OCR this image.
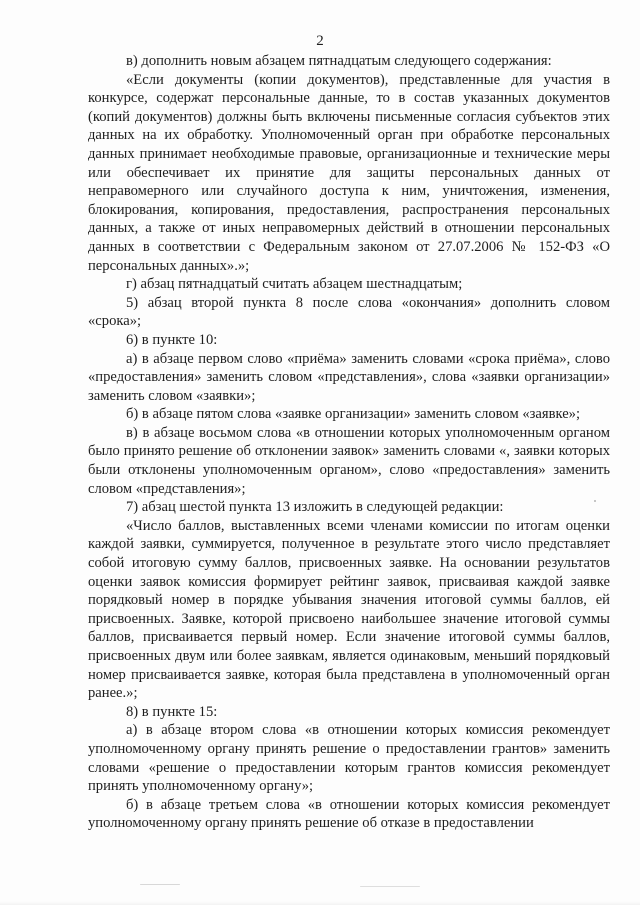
2

в) дополнить новым абзацем пятнадцатым следующего содержания:

«Если документы (копии документов), представленные для участия в конкурсе, содержат персональные данные, то в состав указанных документов (копий документов) должны быть включены письменные согласия субъектов этих данных на их обработку. Уполномоченный орган при обработке персональных данных принимает необходимые правовые, организационные и технические меры или обеспечивает их принятие для защиты персональных данных от неправомерного или случайного доступа к ним, уничтожения, изменения, блокирования, копирования, предоставления, распространения персональных данных, а также от иных неправомерных действий в отношении персональных данных в соответствии с Федеральным законом от 27.07.2006 № 152-ФЗ «О персональных данных».»;

г) абзац пятнадцатый считать абзацем шестнадцатым;

5) абзац второй пункта 8 после слова «окончания» дополнить словом «срока»;

6) в пункте 10:

а) в абзаце первом слово «приёма» заменить словами «срока приёма», слово «предоставления» заменить словом «представления», слова «заявки организации» заменить словом «заявки»;

б) в абзаце пятом слова «заявке организации» заменить словом «заявке»;

в) в абзаце восьмом слова «в отношении которых уполномоченным органом было принято решение об отклонении заявок» заменить словами «, заявки которых были отклонены уполномоченным органом», слово «предоставления» заменить словом «представления»;

7) абзац шестой пункта 13 изложить в следующей редакции:

«Число баллов, выставленных всеми членами комиссии по итогам оценки каждой заявки, суммируется, полученное в результате этого число представляет собой итоговую сумму баллов, присвоенных заявке. На основании результатов оценки заявок комиссия формирует рейтинг заявок, присваивая каждой заявке порядковый номер в порядке убывания значения итоговой суммы баллов, ей присвоенных. Заявке, которой присвоено наибольшее значение итоговой суммы баллов, присваивается первый номер. Если значение итоговой суммы баллов, присвоенных двум или более заявкам, является одинаковым, меньший порядковый номер присваивается заявке, которая была представлена в уполномоченный орган ранее.»;

8) в пункте 15:

а) в абзаце втором слова «в отношении которых комиссия рекомендует уполномоченному органу принять решение о предоставлении грантов» заменить словами «решение о предоставлении которым грантов комиссия рекомендует принять уполномоченному органу»;

б) в абзаце третьем слова «в отношении которых комиссия рекомендует уполномоченному органу принять решение об отказе в предоставлении
